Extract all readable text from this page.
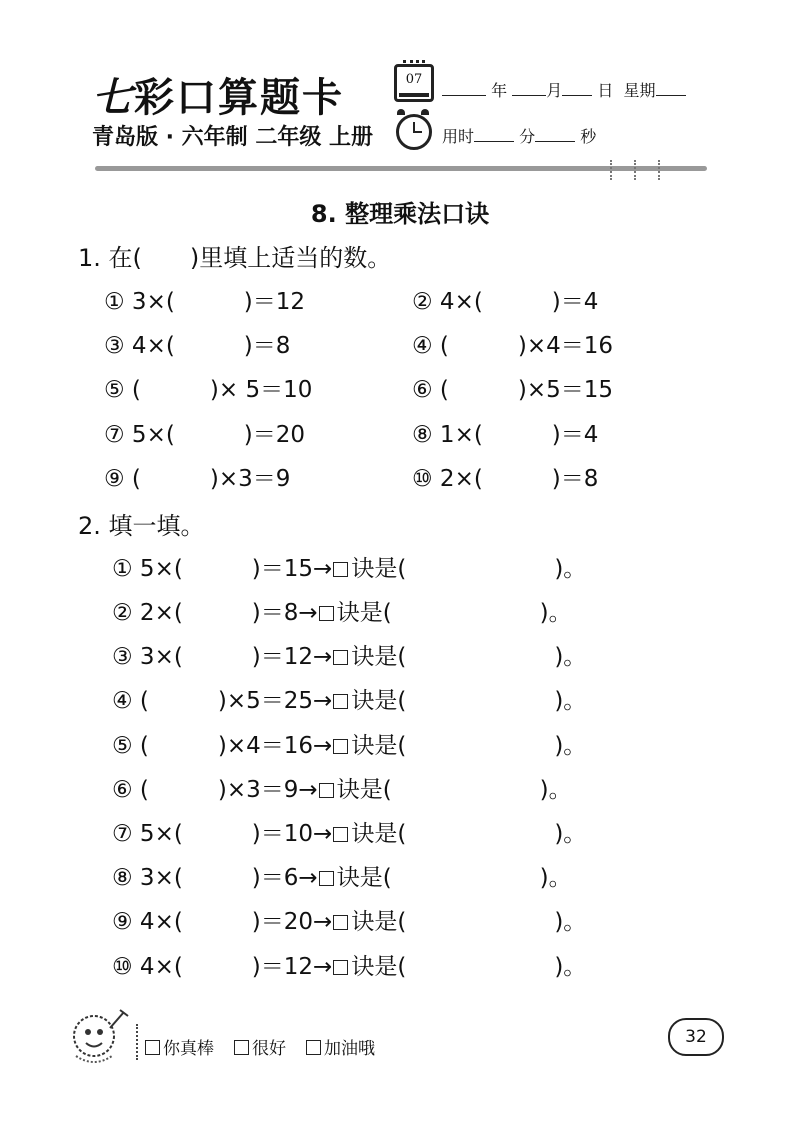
七彩口算题卡
青岛版 · 六年制 二年级 上册
07
年 月 日 星期
用时	分	秒
8. 整理乘法口诀
1. 在(　　)里填上适当的数。
① 3×(　　　)＝12	② 4×(　　　)＝4
③ 4×(　　　)＝8	④ (　　　)×4＝16
⑤ (　　　)× 5＝10	⑥ (　　　)×5＝15
⑦ 5×(　　　)＝20	⑧ 1×(　　　)＝4
⑨ (　　　)×3＝9	⑩ 2×(　　　)＝8
2. 填一填。
① 5×(　　　)＝15→ 诀是(	)。
② 2×(　　　)＝8→ 诀是(	)。
③ 3×(　　　)＝12→ 诀是(	)。
④ (　　　)×5＝25→ 诀是(	)。
⑤ (　　　)×4＝16→ 诀是(	)。
⑥ (　　　)×3＝9→ 诀是(	)。
⑦ 5×(　　　)＝10→ 诀是(	)。
⑧ 3×(　　　)＝6→ 诀是(	)。
⑨ 4×(　　　)＝20→ 诀是(	)。
⑩ 4×(　　　)＝12→ 诀是(	)。
你真棒	很好	加油哦
32
